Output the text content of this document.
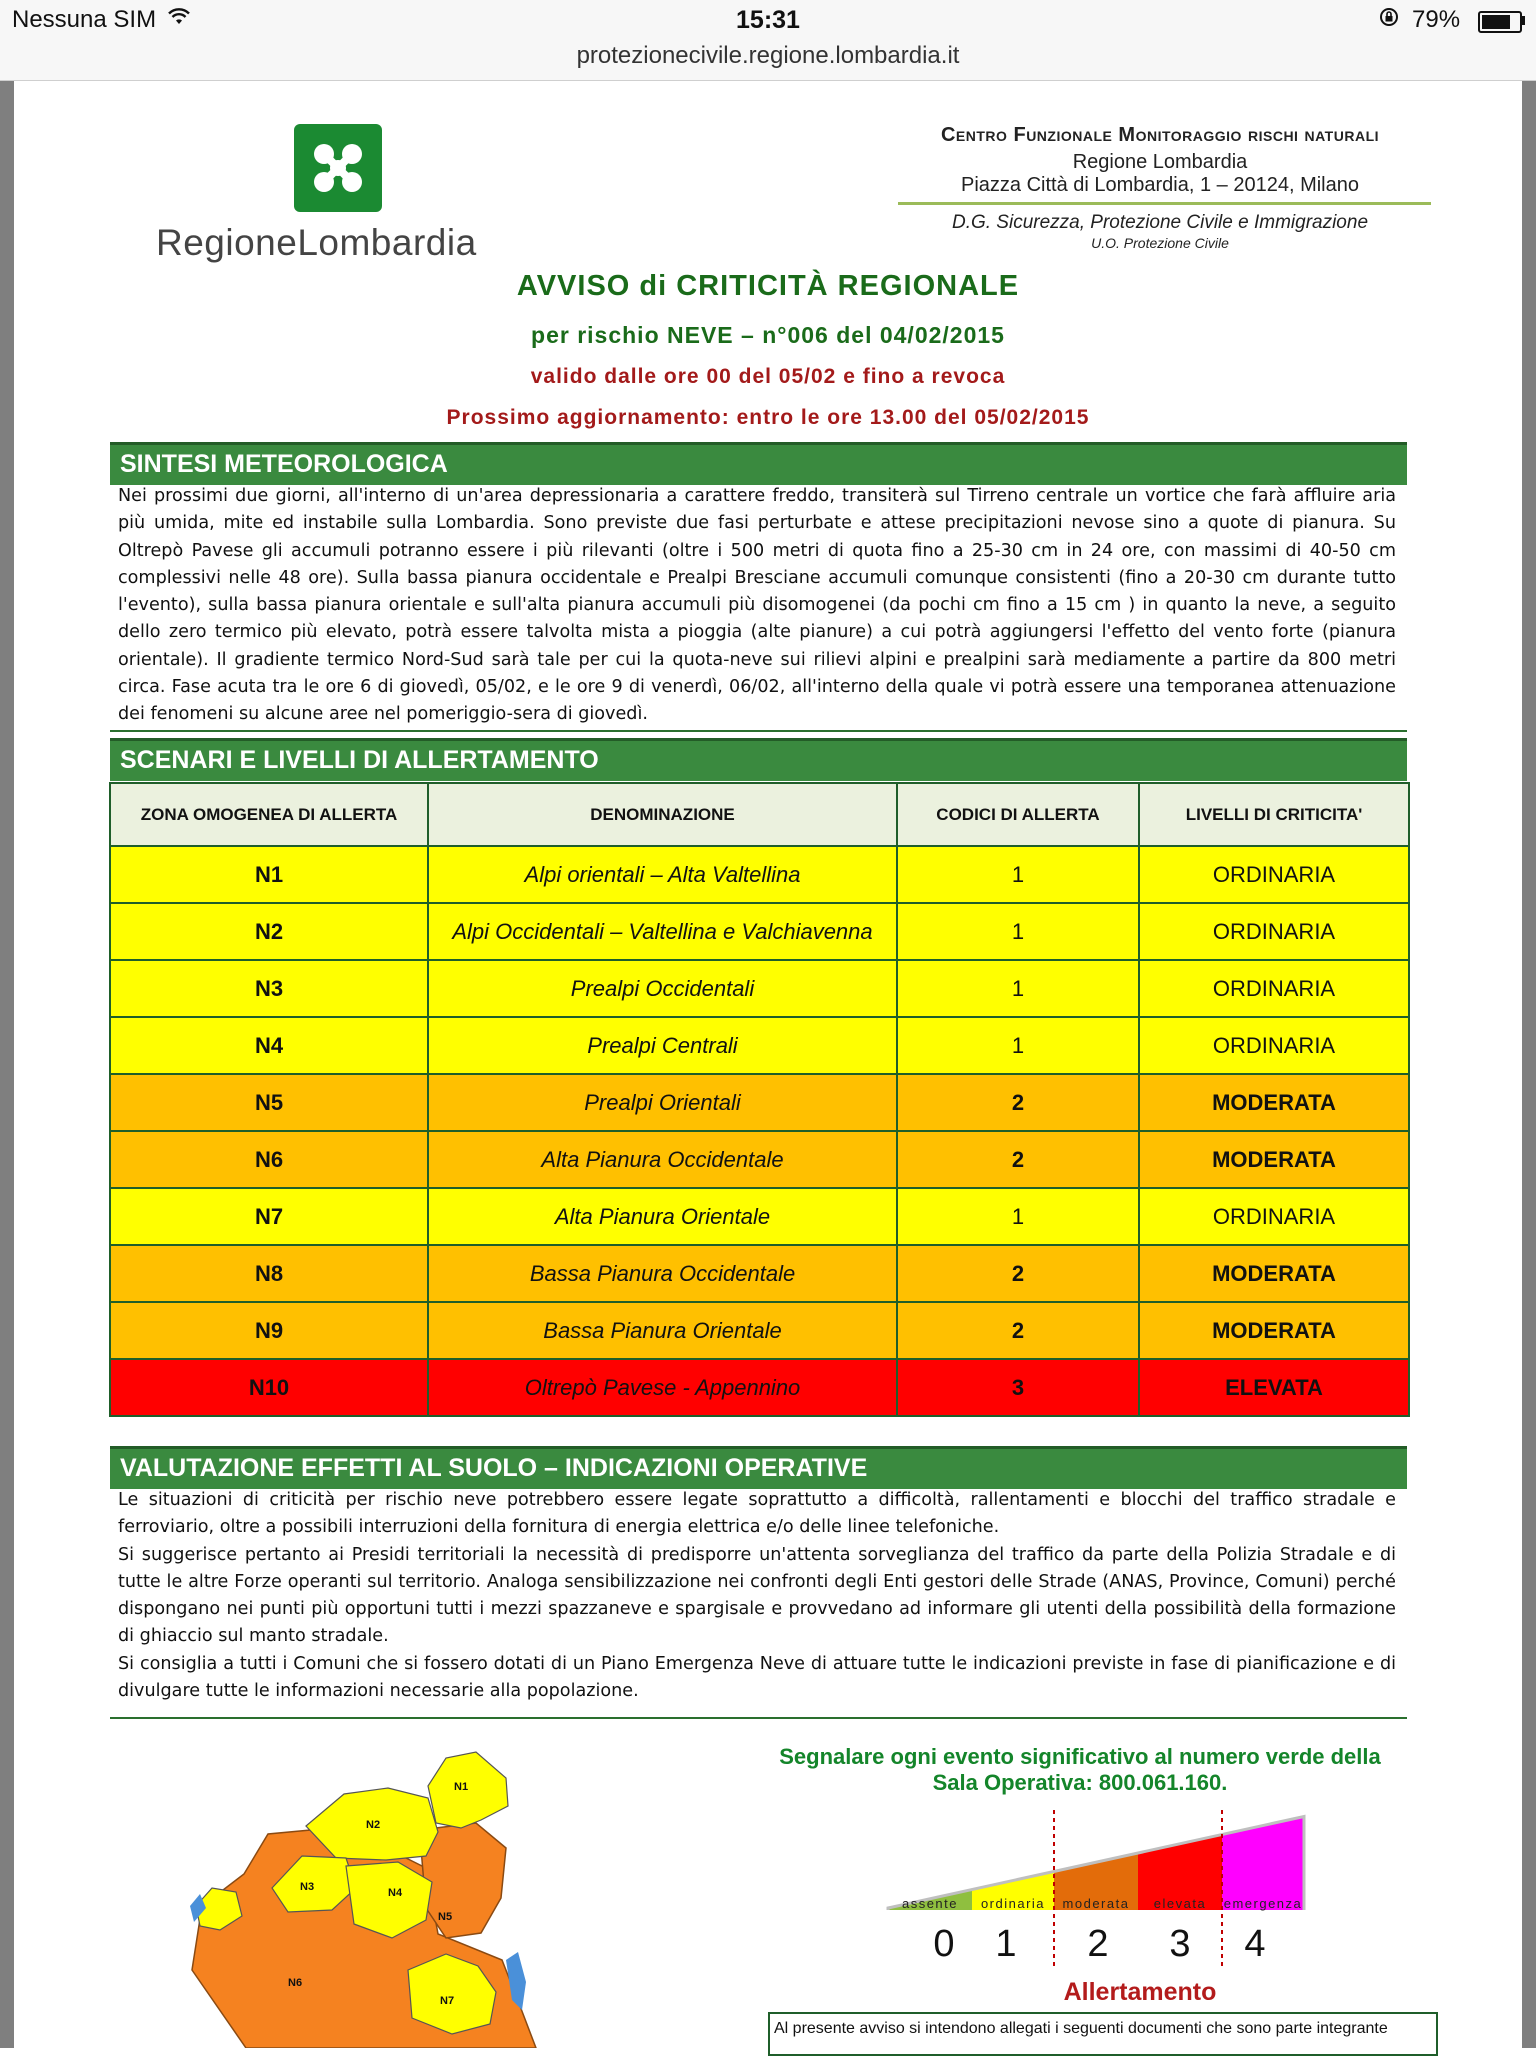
Nessuna SIM	15:31	79%
protezionecivile.regione.lombardia.it
RegioneLombardia
Centro Funzionale Monitoraggio rischi naturali
Regione Lombardia
Piazza Città di Lombardia, 1 – 20124, Milano
D.G. Sicurezza, Protezione Civile e Immigrazione
U.O. Protezione Civile
AVVISO di CRITICITÀ REGIONALE
per rischio NEVE – n°006 del 04/02/2015
valido dalle ore 00 del 05/02 e fino a revoca
Prossimo aggiornamento: entro le ore 13.00 del 05/02/2015
SINTESI METEOROLOGICA

Nei prossimi due giorni, all'interno di un'area depressionaria a carattere freddo, transiterà sul Tirreno centrale un vortice che farà affluire aria più umida, mite ed instabile sulla Lombardia. Sono previste due fasi perturbate e attese precipitazioni nevose sino a quote di pianura. Su Oltrepò Pavese gli accumuli potranno essere i più rilevanti (oltre i 500 metri di quota fino a 25-30 cm in 24 ore, con massimi di 40-50 cm complessivi nelle 48 ore). Sulla bassa pianura occidentale e Prealpi Bresciane accumuli comunque consistenti (fino a 20-30 cm durante tutto l'evento), sulla bassa pianura orientale e sull'alta pianura accumuli più disomogenei (da pochi cm fino a 15 cm ) in quanto la neve, a seguito dello zero termico più elevato, potrà essere talvolta mista a pioggia (alte pianure) a cui potrà aggiungersi l'effetto del vento forte (pianura orientale). Il gradiente termico Nord-Sud sarà tale per cui la quota-neve sui rilievi alpini e prealpini sarà mediamente a partire da 800 metri circa. Fase acuta tra le ore 6 di giovedì, 05/02, e le ore 9 di venerdì, 06/02, all'interno della quale vi potrà essere una temporanea attenuazione dei fenomeni su alcune aree nel pomeriggio-sera di giovedì.

SCENARI E LIVELLI DI ALLERTAMENTO
ZONA OMOGENEA DI ALLERTA	DENOMINAZIONE	CODICI DI ALLERTA	LIVELLI DI CRITICITA'
N1	Alpi orientali – Alta Valtellina	1	ORDINARIA
N2	Alpi Occidentali – Valtellina e Valchiavenna	1	ORDINARIA
N3	Prealpi Occidentali	1	ORDINARIA
N4	Prealpi Centrali	1	ORDINARIA
N5	Prealpi Orientali	2	MODERATA
N6	Alta Pianura Occidentale	2	MODERATA
N7	Alta Pianura Orientale	1	ORDINARIA
N8	Bassa Pianura Occidentale	2	MODERATA
N9	Bassa Pianura Orientale	2	MODERATA
N10	Oltrepò Pavese - Appennino	3	ELEVATA
VALUTAZIONE EFFETTI AL SUOLO – INDICAZIONI OPERATIVE

Le situazioni di criticità per rischio neve potrebbero essere legate soprattutto a difficoltà, rallentamenti e blocchi del traffico stradale e ferroviario, oltre a possibili interruzioni della fornitura di energia elettrica e/o delle linee telefoniche.

Si suggerisce pertanto ai Presidi territoriali la necessità di predisporre un'attenta sorveglianza del traffico da parte della Polizia Stradale e di tutte le altre Forze operanti sul territorio. Analoga sensibilizzazione nei confronti degli Enti gestori delle Strade (ANAS, Province, Comuni) perché dispongano nei punti più opportuni tutti i mezzi spazzaneve e spargisale e provvedano ad informare gli utenti della possibilità della formazione di ghiaccio sul manto stradale.

Si consiglia a tutti i Comuni che si fossero dotati di un Piano Emergenza Neve di attuare tutte le indicazioni previste in fase di pianificazione e di divulgare tutte le informazioni necessarie alla popolazione.

N1
N2
N3	N4
N5
N6
N7
Segnalare ogni evento significativo al numero verde della
Sala Operativa: 800.061.160.
assente
0
ordinaria
1
moderata
2
elevata
3
emergenza
4
Allertamento
Al presente avviso si intendono allegati i seguenti documenti che sono parte integrante
